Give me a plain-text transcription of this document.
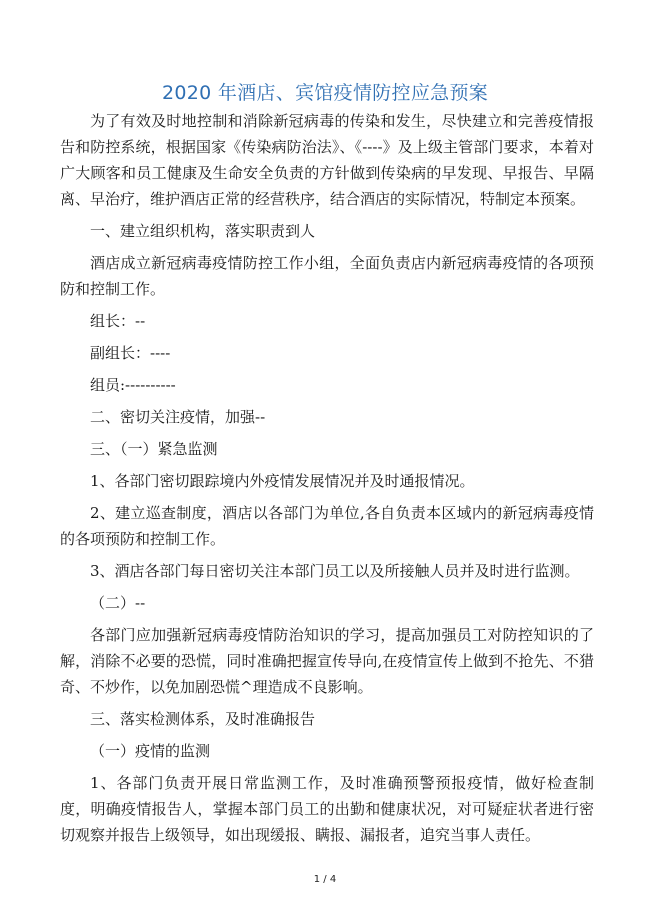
2020 年酒店、宾馆疫情防控应急预案

为了有效及时地控制和消除新冠病毒的传染和发生，尽快建立和完善疫情报告和防控系统，根据国家《传染病防治法》、《----》及上级主管部门要求，本着对广大顾客和员工健康及生命安全负责的方针做到传染病的早发现、早报告、早隔离、早治疗，维护酒店正常的经营秩序，结合酒店的实际情况，特制定本预案。

一、建立组织机构，落实职责到人

酒店成立新冠病毒疫情防控工作小组，全面负责店内新冠病毒疫情的各项预防和控制工作。

组长：--

副组长：----

组员:----------

二、密切关注疫情，加强--

三、（一）紧急监测

1、各部门密切跟踪境内外疫情发展情况并及时通报情况。

2、建立巡查制度，酒店以各部门为单位,各自负责本区域内的新冠病毒疫情的各项预防和控制工作。

3、酒店各部门每日密切关注本部门员工以及所接触人员并及时进行监测。

（二）--

各部门应加强新冠病毒疫情防治知识的学习，提高加强员工对防控知识的了解，消除不必要的恐慌，同时准确把握宣传导向,在疫情宣传上做到不抢先、不猎奇、不炒作，以免加剧恐慌^理造成不良影响。

三、落实检测体系，及时准确报告

（一）疫情的监测

1、各部门负责开展日常监测工作，及时准确预警预报疫情，做好检查制度，明确疫情报告人，掌握本部门员工的出勤和健康状况，对可疑症状者进行密切观察并报告上级领导，如出现缓报、瞒报、漏报者，追究当事人责任。

1 / 4
